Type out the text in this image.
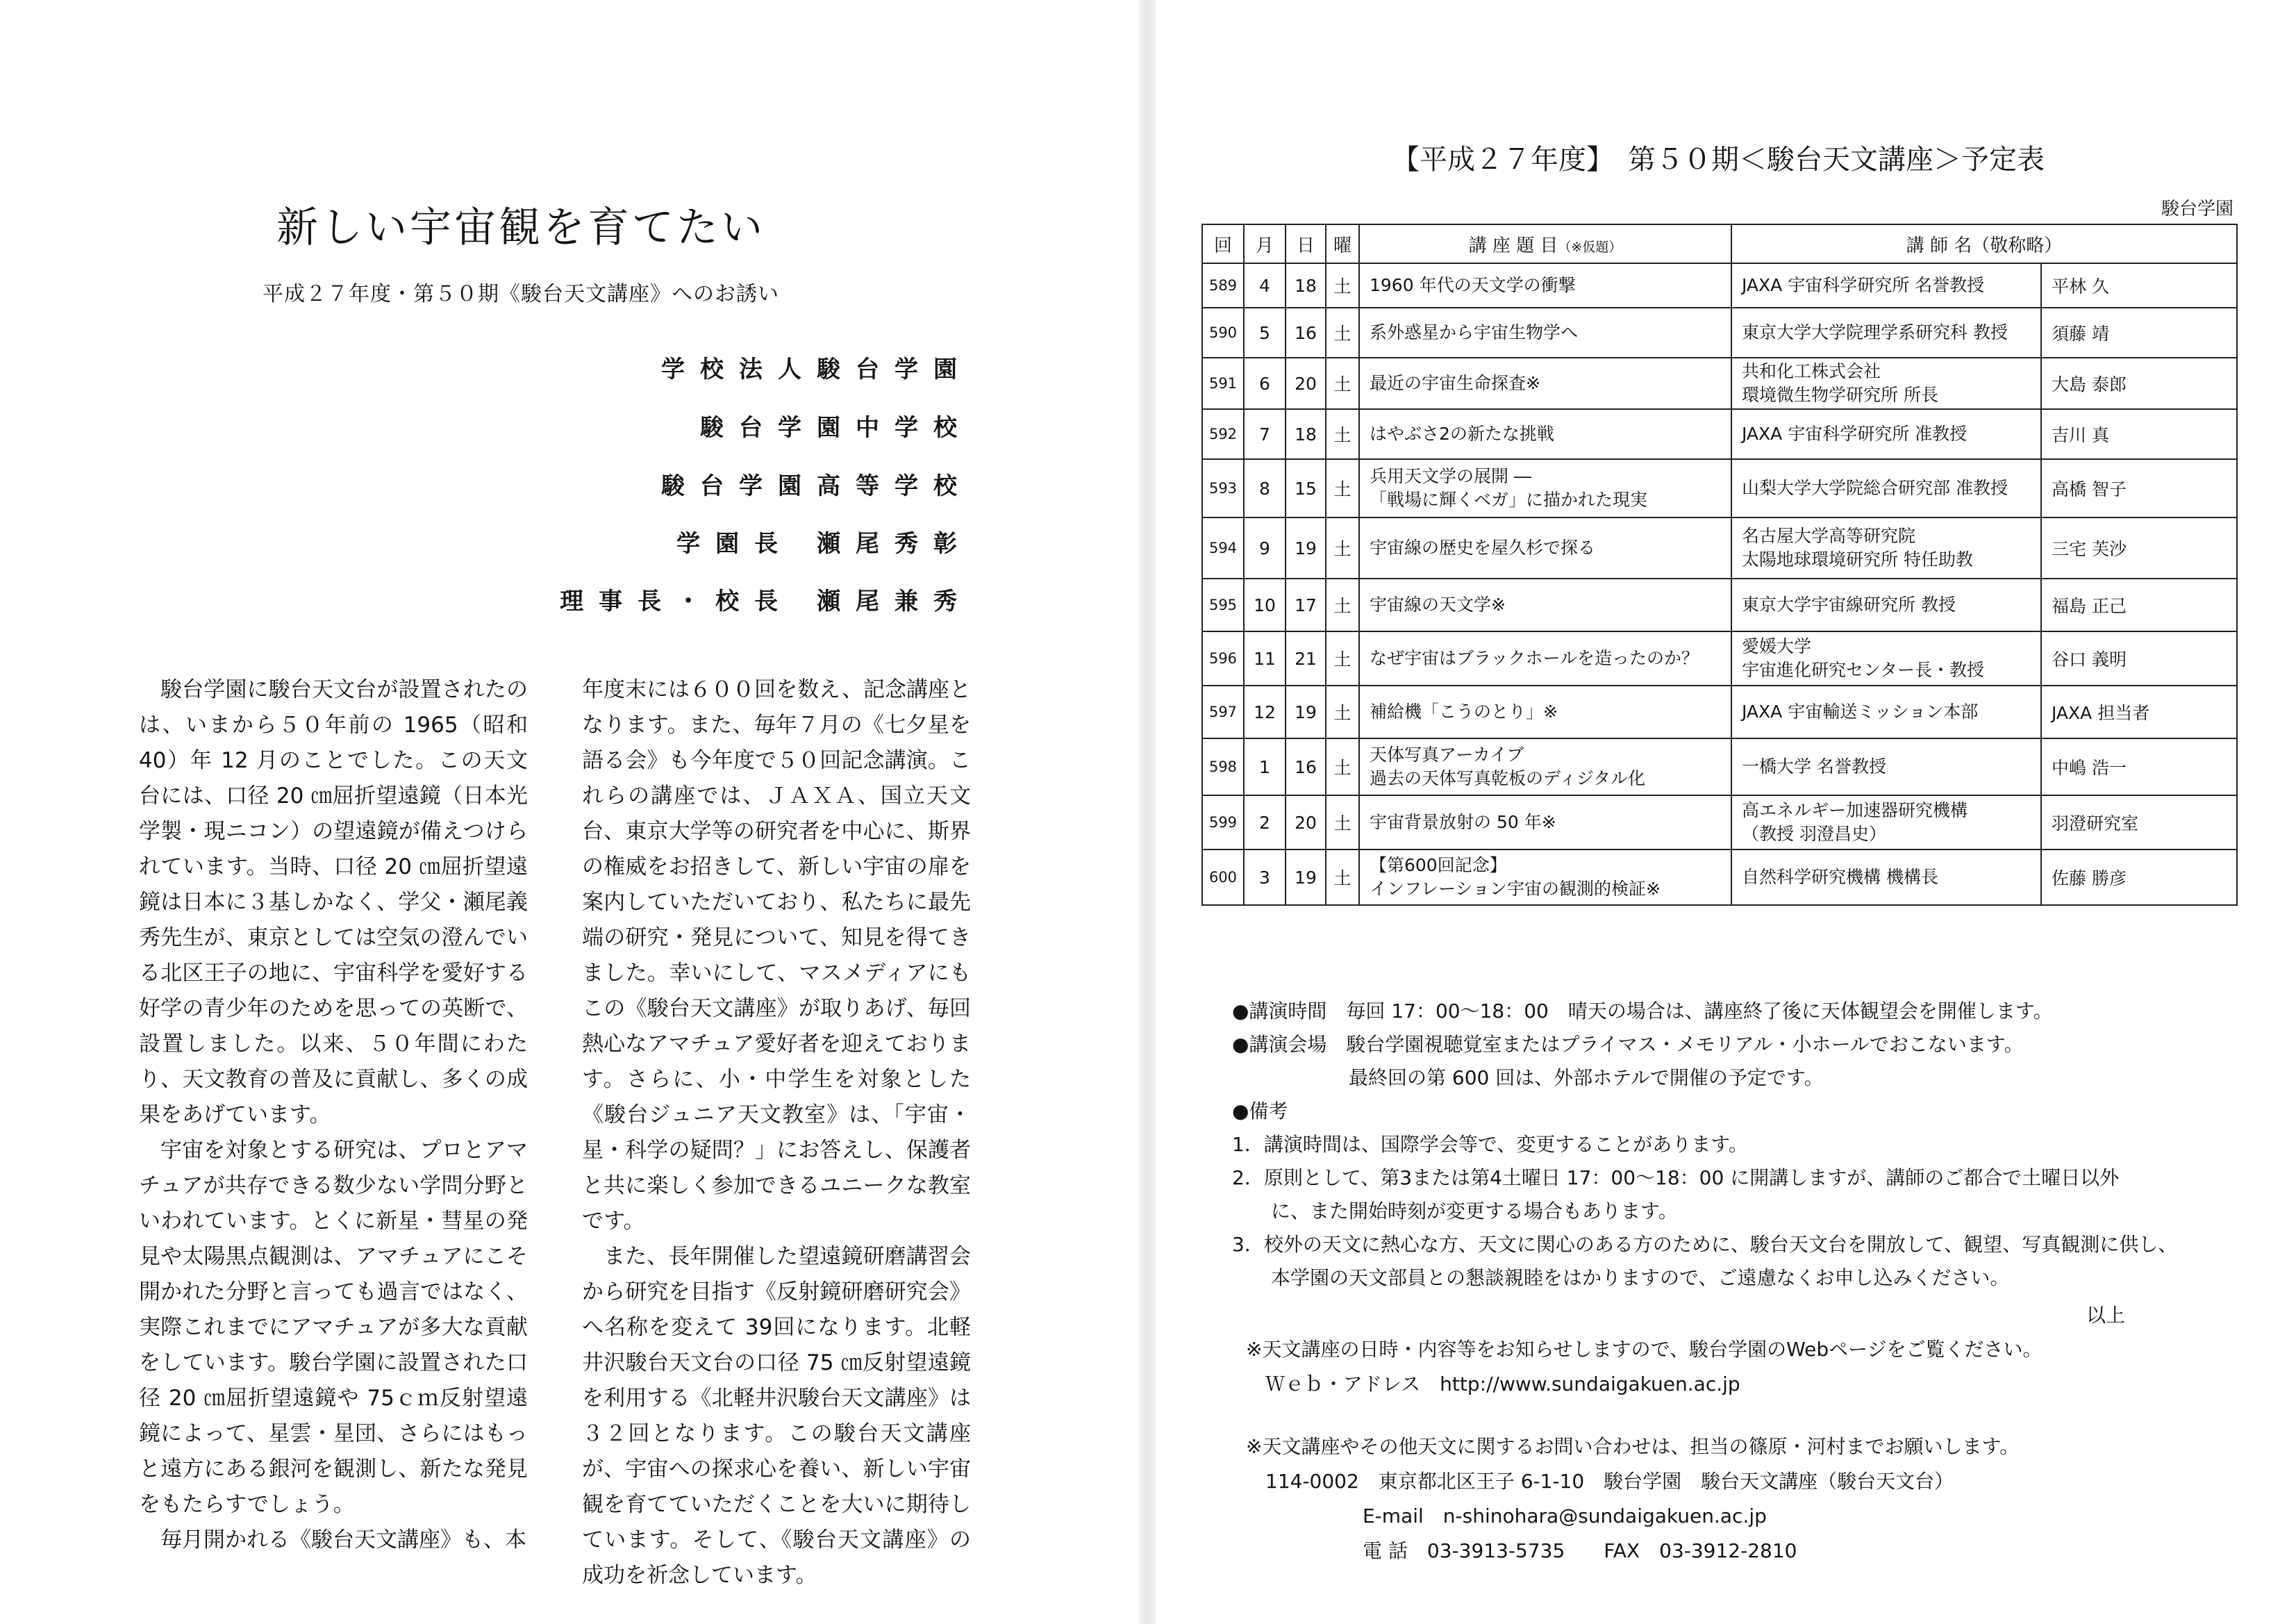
新しい宇宙観を育てたい
平成２７年度・第５０期《駿台天文講座》へのお誘い
学校法人駿台学園
駿台学園中学校
駿台学園高等学校
学園長 瀬尾秀彰
理事長・校長 瀬尾兼秀

駿台学園に駿台天文台が設置されたのは、いまから５０年前の 1965（昭和40）年 12 月のことでした。この天文台には、口径 20 ㎝屈折望遠鏡（日本光学製・現ニコン）の望遠鏡が備えつけられています。当時、口径 20 ㎝屈折望遠鏡は日本に３基しかなく、学父・瀬尾義秀先生が、東京としては空気の澄んでいる北区王子の地に、宇宙科学を愛好する好学の青少年のためを思っての英断で、設置しました。以来、５０年間にわたり、天文教育の普及に貢献し、多くの成果をあげています。

宇宙を対象とする研究は、プロとアマチュアが共存できる数少ない学問分野といわれています。とくに新星・彗星の発見や太陽黒点観測は、アマチュアにこそ開かれた分野と言っても過言ではなく、実際これまでにアマチュアが多大な貢献をしています。駿台学園に設置された口径 20 ㎝屈折望遠鏡や 75ｃｍ反射望遠鏡によって、星雲・星団、さらにはもっと遠方にある銀河を観測し、新たな発見をもたらすでしょう。

毎月開かれる《駿台天文講座》も、本

年度末には６００回を数え、記念講座となります。また、毎年７月の《七夕星を語る会》も今年度で５０回記念講演。これらの講座では、ＪＡＸＡ、国立天文台、東京大学等の研究者を中心に、斯界の権威をお招きして、新しい宇宙の扉を案内していただいており、私たちに最先端の研究・発見について、知見を得てきました。幸いにして、マスメディアにもこの《駿台天文講座》が取りあげ、毎回熱心なアマチュア愛好者を迎えております。さらに、小・中学生を対象とした《駿台ジュニア天文教室》は、「宇宙・星・科学の疑問？」にお答えし、保護者と共に楽しく参加できるユニークな教室です。

また、長年開催した望遠鏡研磨講習会から研究を目指す《反射鏡研磨研究会》へ名称を変えて 39回になります。北軽井沢駿台天文台の口径 75 ㎝反射望遠鏡を利用する《北軽井沢駿台天文講座》は３２回となります。この駿台天文講座が、宇宙への探求心を養い、新しい宇宙観を育てていただくことを大いに期待しています。そして、《駿台天文講座》の成功を祈念しています。

【平成２７年度】　第５０期＜駿台天文講座＞予定表
駿台学園
回	月	日	曜	講 座 題 目（※仮題）	講 師 名（敬称略）	
589	4	18	土	1960 年代の天文学の衝撃	JAXA 宇宙科学研究所 名誉教授	平林 久
590	5	16	土	系外惑星から宇宙生物学へ	東京大学大学院理学系研究科 教授	須藤 靖
591	6	20	土	最近の宇宙生命探査※	共和化工株式会社
環境微生物学研究所 所長	大島 泰郎
592	7	18	土	はやぶさ2の新たな挑戦	JAXA 宇宙科学研究所 准教授	吉川 真
593	8	15	土	兵用天文学の展開 ―
「戦場に輝くベガ」に描かれた現実	山梨大学大学院総合研究部 准教授	高橋 智子
594	9	19	土	宇宙線の歴史を屋久杉で探る	名古屋大学高等研究院
太陽地球環境研究所 特任助教	三宅 芙沙
595	10	17	土	宇宙線の天文学※	東京大学宇宙線研究所 教授	福島 正己
596	11	21	土	なぜ宇宙はブラックホールを造ったのか？	愛媛大学
宇宙進化研究センター長・教授	谷口 義明
597	12	19	土	補給機「こうのとり」※	JAXA 宇宙輸送ミッション本部	JAXA 担当者
598	1	16	土	天体写真アーカイブ
過去の天体写真乾板のディジタル化	一橋大学 名誉教授	中嶋 浩一
599	2	20	土	宇宙背景放射の 50 年※	高エネルギー加速器研究機構
（教授 羽澄昌史）	羽澄研究室
600	3	19	土	【第600回記念】
インフレーション宇宙の観測的検証※	自然科学研究機構 機構長	佐藤 勝彦
●講演時間　毎回 17：00〜18：00　晴天の場合は、講座終了後に天体観望会を開催します。
●講演会場　駿台学園視聴覚室またはプライマス・メモリアル・小ホールでおこないます。
　　　　　　最終回の第 600 回は、外部ホテルで開催の予定です。
●備考
1．講演時間は、国際学会等で、変更することがあります。
2．原則として、第3または第4土曜日 17：00〜18：00 に開講しますが、講師のご都合で土曜日以外
　　に、また開始時刻が変更する場合もあります。
3．校外の天文に熱心な方、天文に関心のある方のために、駿台天文台を開放して、観望、写真観測に供し、
　　本学園の天文部員との懇談親睦をはかりますので、ご遠慮なくお申し込みください。
以上
※天文講座の日時・内容等をお知らせしますので、駿台学園のWebページをご覧ください。
　Ｗｅｂ・アドレス　http://www.sundaigakuen.ac.jp
※天文講座やその他天文に関するお問い合わせは、担当の篠原・河村までお願いします。
　114-0002　東京都北区王子 6-1-10　駿台学園　駿台天文講座（駿台天文台）
　　　　　　E-mail　n-shinohara@sundaigakuen.ac.jp
　　　　　　電 話　03-3913-5735　　FAX　03-3912-2810
